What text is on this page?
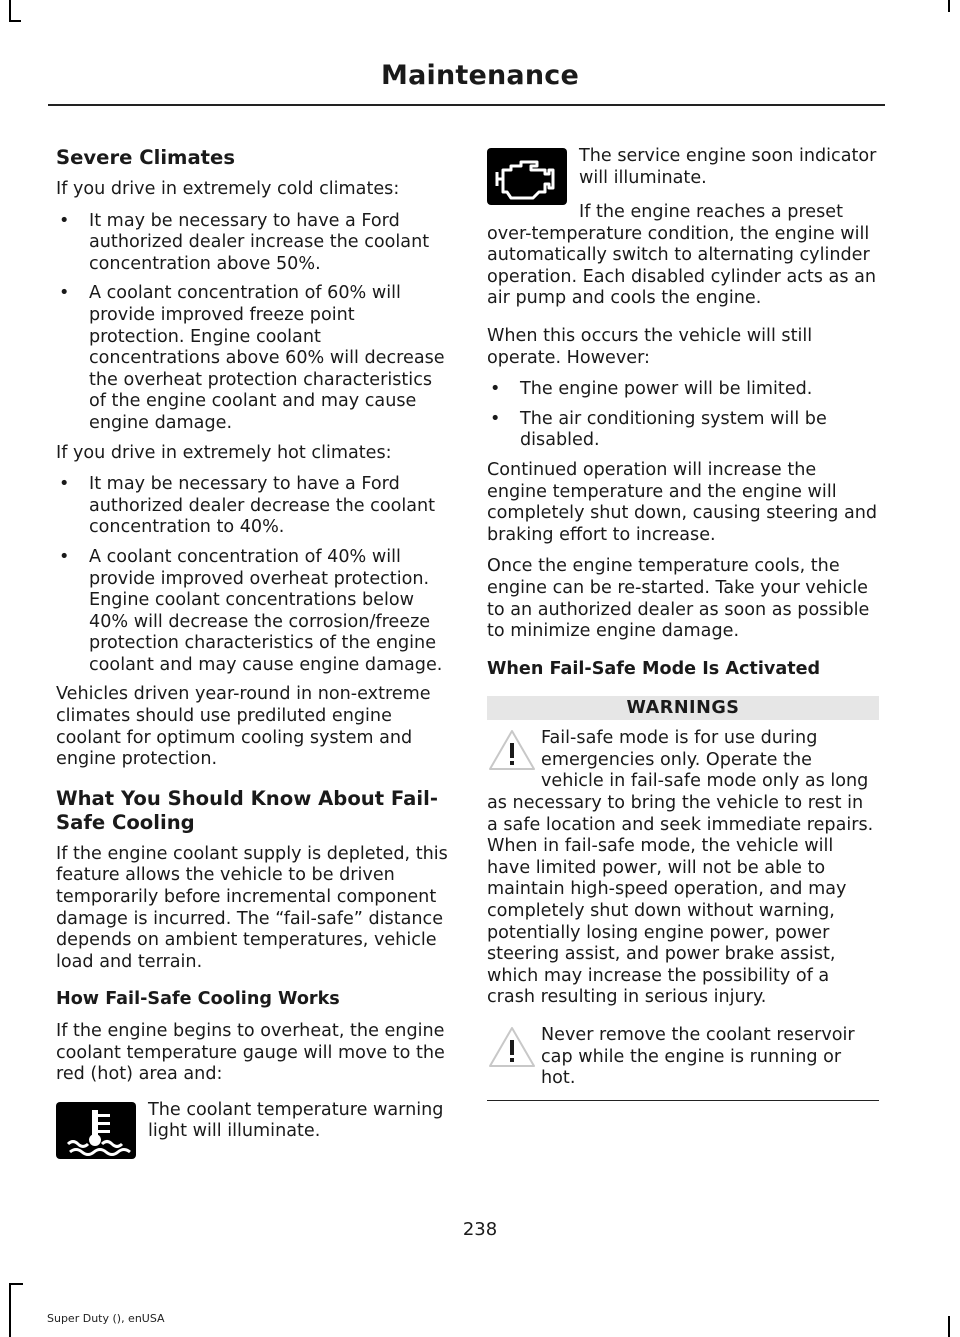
Maintenance
Severe Climates

If you drive in extremely cold climates:

• It may be necessary to have a Ford authorized dealer increase the coolant concentration above 50%.
• A coolant concentration of 60% will provide improved freeze point protection. Engine coolant concentrations above 60% will decrease the overheat protection characteristics of the engine coolant and may cause engine damage.

If you drive in extremely hot climates:

• It may be necessary to have a Ford authorized dealer decrease the coolant concentration to 40%.
• A coolant concentration of 40% will provide improved overheat protection. Engine coolant concentrations below 40% will decrease the corrosion/freeze protection characteristics of the engine coolant and may cause engine damage.

Vehicles driven year-round in non-extreme climates should use prediluted engine coolant for optimum cooling system and engine protection.

What You Should Know About Fail-Safe Cooling

If the engine coolant supply is depleted, this feature allows the vehicle to be driven temporarily before incremental component damage is incurred. The “fail-safe” distance depends on ambient temperatures, vehicle load and terrain.

How Fail-Safe Cooling Works

If the engine begins to overheat, the engine coolant temperature gauge will move to the red (hot) area and:

The coolant temperature warning light will illuminate.
The service engine soon indicator will illuminate.

If the engine reaches a preset over-temperature condition, the engine will automatically switch to alternating cylinder operation. Each disabled cylinder acts as an air pump and cools the engine.

When this occurs the vehicle will still operate. However:

• The engine power will be limited.
• The air conditioning system will be disabled.

Continued operation will increase the engine temperature and the engine will completely shut down, causing steering and braking effort to increase.

Once the engine temperature cools, the engine can be re-started. Take your vehicle to an authorized dealer as soon as possible to minimize engine damage.

When Fail-Safe Mode Is Activated
WARNINGS
Fail-safe mode is for use during emergencies only. Operate the vehicle in fail-safe mode only as long as necessary to bring the vehicle to rest in a safe location and seek immediate repairs. When in fail-safe mode, the vehicle will have limited power, will not be able to maintain high-speed operation, and may completely shut down without warning, potentially losing engine power, power steering assist, and power brake assist, which may increase the possibility of a crash resulting in serious injury.
Never remove the coolant reservoir cap while the engine is running or hot.
238
Super Duty (), enUSA
